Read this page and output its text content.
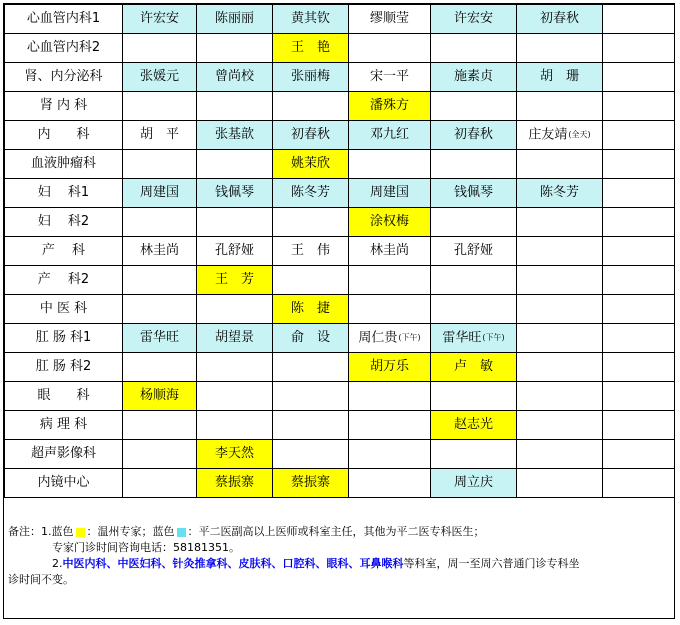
心血管内科1	许宏安	陈丽丽	黄其钦	缪顺莹	许宏安	初春秋	
心血管内科2			王　艳				
肾、内分泌科	张媛元	曾尚校	张丽梅	宋一平	施素贞	胡　珊	
肾 内 科				潘殊方			
内　　科	胡　平	张基歆	初春秋	邓九红	初春秋	庄友靖(全天)	
血液肿瘤科			姚茉欣				
妇　 科1	周建国	钱佩琴	陈冬芳	周建国	钱佩琴	陈冬芳	
妇　 科2				涂权梅			
产　 科	林圭尚	孔舒娅	王　伟	林圭尚	孔舒娅		
产　 科2		王　芳					
中 医 科			陈　捷				
肛 肠 科1	雷华旺	胡望景	俞　设	周仁贵(下午)	雷华旺(下午)		
肛 肠 科2				胡万乐	卢　敏		
眼　　科	杨顺海						
病 理 科					赵志光		
超声影像科		李天然					
内镜中心		蔡振寨	蔡振寨		周立庆		
备注：1.蓝色 ：温州专家；蓝色 ：平二医副高以上医师或科室主任，其他为平二医专科医生；
专家门诊时间咨询电话：58181351。
2.中医内科、中医妇科、针灸推拿科、皮肤科、口腔科、眼科、耳鼻喉科等科室，周一至周六普通门诊专科坐
诊时间不变。
